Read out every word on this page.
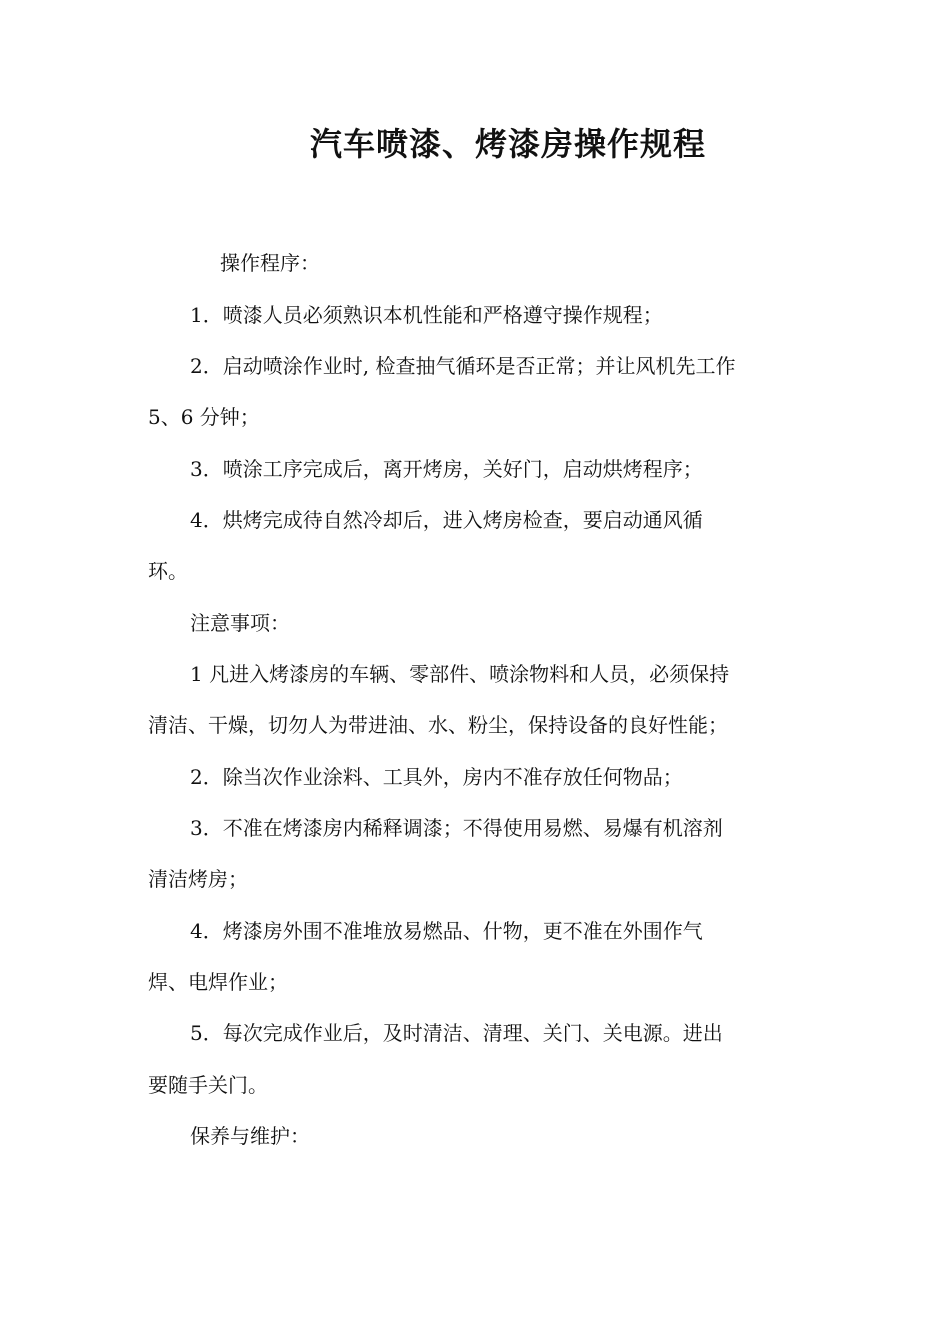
汽车喷漆、烤漆房操作规程

操作程序：

1．喷漆人员必须熟识本机性能和严格遵守操作规程；

2．启动喷涂作业时, 检查抽气循环是否正常；并让风机先工作

5、6 分钟；

3．喷涂工序完成后，离开烤房，关好门，启动烘烤程序；

4．烘烤完成待自然冷却后，进入烤房检查，要启动通风循

环。

注意事项：

1 凡进入烤漆房的车辆、零部件、喷涂物料和人员，必须保持

清洁、干燥，切勿人为带进油、水、粉尘，保持设备的良好性能；

2．除当次作业涂料、工具外，房内不准存放任何物品；

3．不准在烤漆房内稀释调漆；不得使用易燃、易爆有机溶剂

清洁烤房；

4．烤漆房外围不准堆放易燃品、什物，更不准在外围作气

焊、电焊作业；

5．每次完成作业后，及时清洁、清理、关门、关电源。进出

要随手关门。

保养与维护：
